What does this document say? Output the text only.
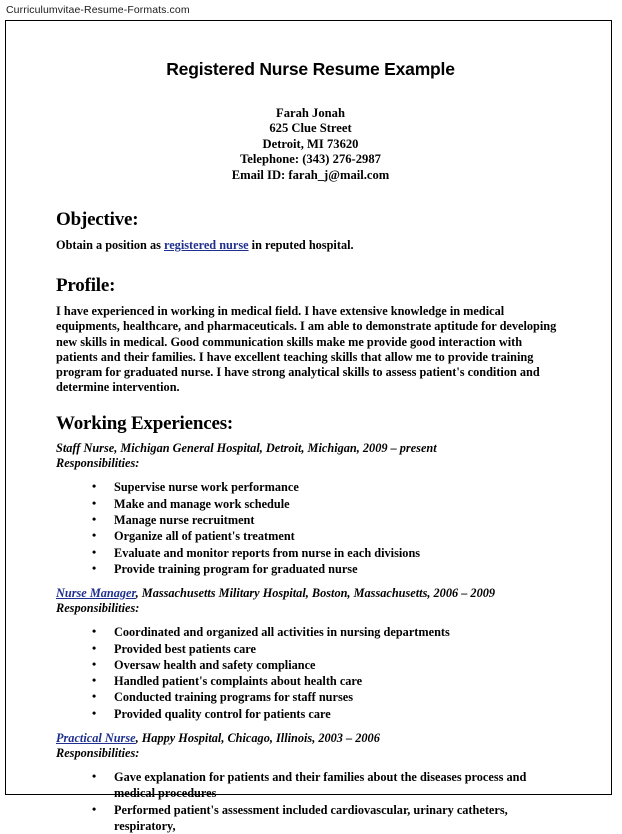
Curriculumvitae-Resume-Formats.com
Registered Nurse Resume Example
Farah Jonah
625 Clue Street
Detroit, MI 73620
Telephone: (343) 276-2987
Email ID: farah_j@mail.com
Objective:

Obtain a position as registered nurse in reputed hospital.

Profile:

I have experienced in working in medical field. I have extensive knowledge in medical equipments, healthcare, and pharmaceuticals. I am able to demonstrate aptitude for developing new skills in medical. Good communication skills make me provide good interaction with patients and their families. I have excellent teaching skills that allow me to provide training program for graduated nurse. I have strong analytical skills to assess patient's condition and determine intervention.

Working Experiences:

Staff Nurse, Michigan General Hospital, Detroit, Michigan, 2009 – present

Responsibilities:

• Supervise nurse work performance
• Make and manage work schedule
• Manage nurse recruitment
• Organize all of patient's treatment
• Evaluate and monitor reports from nurse in each divisions
• Provide training program for graduated nurse

Nurse Manager, Massachusetts Military Hospital, Boston, Massachusetts, 2006 – 2009

Responsibilities:

• Coordinated and organized all activities in nursing departments
• Provided best patients care
• Oversaw health and safety compliance
• Handled patient's complaints about health care
• Conducted training programs for staff nurses
• Provided quality control for patients care

Practical Nurse, Happy Hospital, Chicago, Illinois, 2003 – 2006

Responsibilities:

• Gave explanation for patients and their families about the diseases process and medical procedures
• Performed patient's assessment included cardiovascular, urinary catheters, respiratory,
